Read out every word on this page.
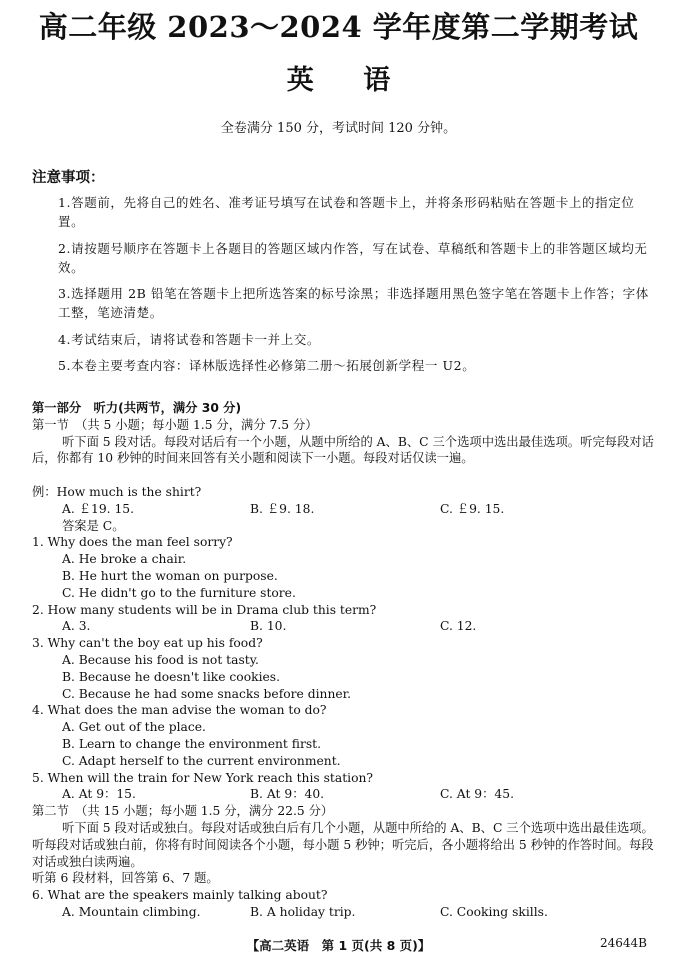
高二年级 2023～2024 学年度第二学期考试
英 语
全卷满分 150 分，考试时间 120 分钟。
注意事项：
1.答题前，先将自己的姓名、准考证号填写在试卷和答题卡上，并将条形码粘贴在答题卡上的指定位置。
2.请按题号顺序在答题卡上各题目的答题区域内作答，写在试卷、草稿纸和答题卡上的非答题区域均无效。
3.选择题用 2B 铅笔在答题卡上把所选答案的标号涂黑；非选择题用黑色签字笔在答题卡上作答；字体工整，笔迹清楚。
4.考试结束后，请将试卷和答题卡一并上交。
5.本卷主要考查内容：译林版选择性必修第二册～拓展创新学程一 U2。
第一部分　听力(共两节，满分 30 分)
第一节　（共 5 小题；每小题 1.5 分，满分 7.5 分）
听下面 5 段对话。每段对话后有一个小题，从题中所给的 A、B、C 三个选项中选出最佳选项。听完每段对话后，你都有 10 秒钟的时间来回答有关小题和阅读下一小题。每段对话仅读一遍。
例：How much is the shirt?
A. ￡19. 15.	B. ￡9. 18.	C. ￡9. 15.
答案是 C。
1. Why does the man feel sorry?
A. He broke a chair.
B. He hurt the woman on purpose.
C. He didn't go to the furniture store.
2. How many students will be in Drama club this term?
A. 3.	B. 10.	C. 12.
3. Why can't the boy eat up his food?
A. Because his food is not tasty.
B. Because he doesn't like cookies.
C. Because he had some snacks before dinner.
4. What does the man advise the woman to do?
A. Get out of the place.
B. Learn to change the environment first.
C. Adapt herself to the current environment.
5. When will the train for New York reach this station?
A. At 9：15.	B. At 9：40.	C. At 9：45.
第二节　（共 15 小题；每小题 1.5 分，满分 22.5 分）
听下面 5 段对话或独白。每段对话或独白后有几个小题，从题中所给的 A、B、C 三个选项中选出最佳选项。听每段对话或独白前，你将有时间阅读各个小题，每小题 5 秒钟；听完后，各小题将给出 5 秒钟的作答时间。每段对话或独白读两遍。
听第 6 段材料，回答第 6、7 题。
6. What are the speakers mainly talking about?
A. Mountain climbing.	B. A holiday trip.	C. Cooking skills.
【高二英语　第 1 页(共 8 页)】	24644B
